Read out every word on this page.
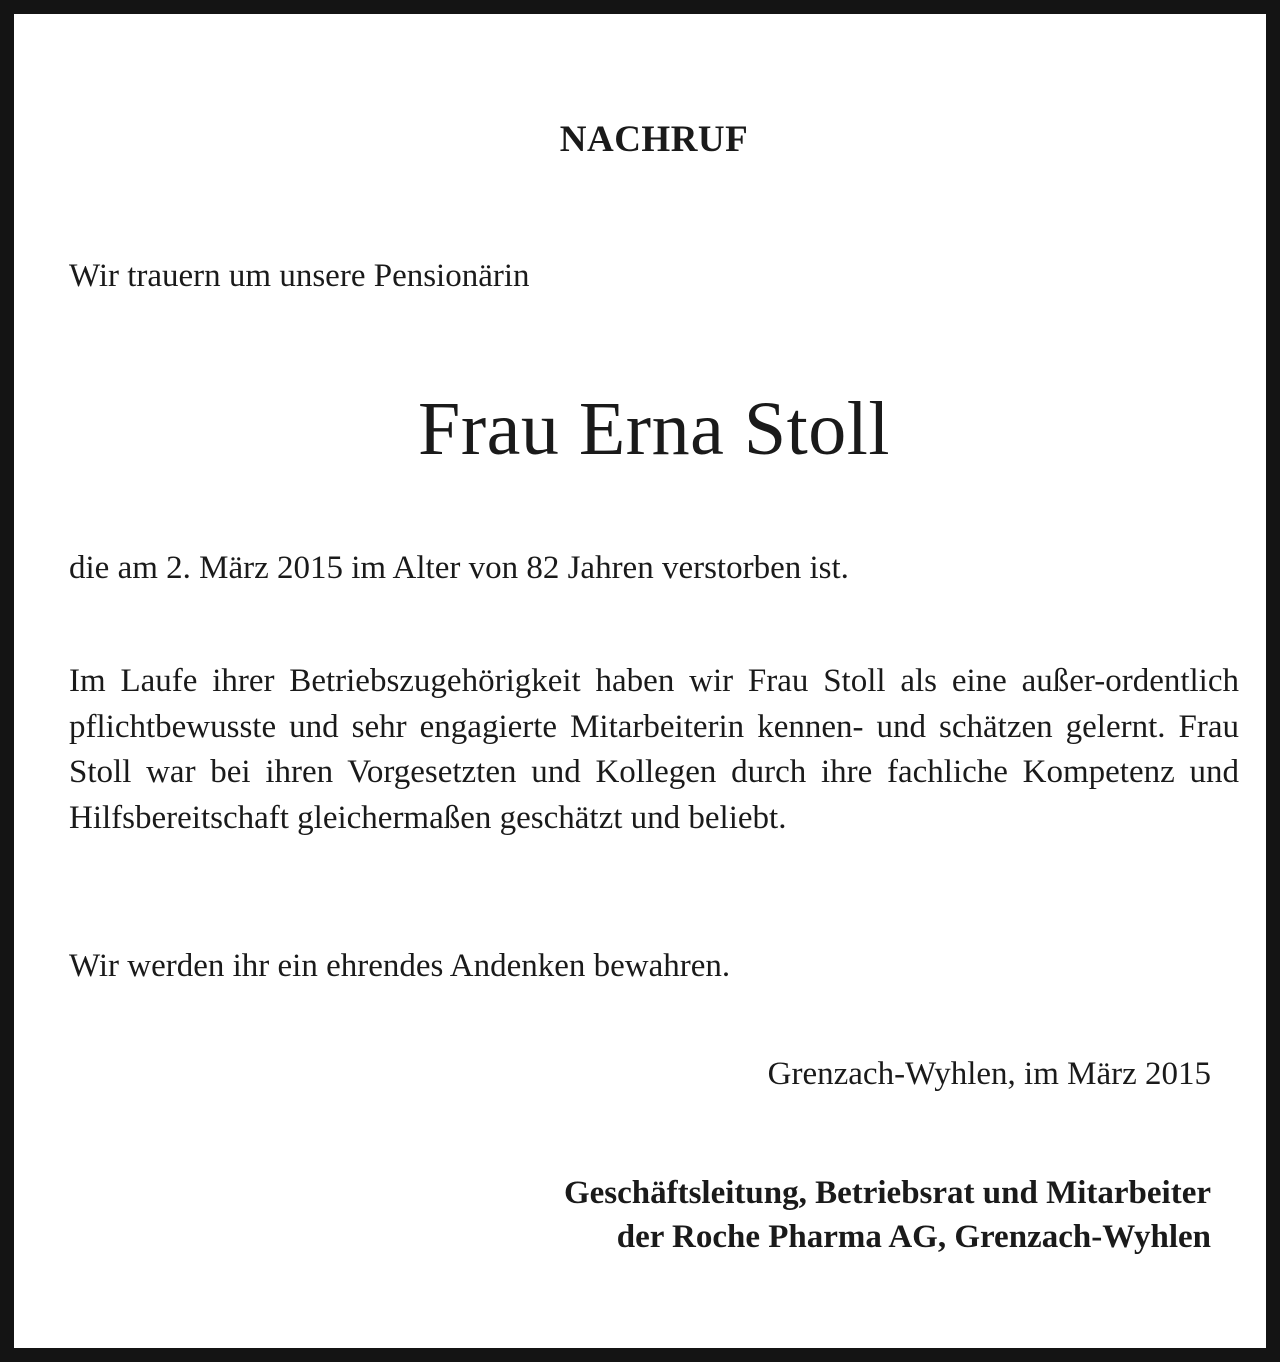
NACHRUF
Wir trauern um unsere Pensionärin
Frau Erna Stoll
die am 2. März 2015 im Alter von 82 Jahren verstorben ist.
Im Laufe ihrer Betriebszugehörigkeit haben wir Frau Stoll als eine außer-ordentlich pflichtbewusste und sehr engagierte Mitarbeiterin kennen- und schätzen gelernt. Frau Stoll war bei ihren Vorgesetzten und Kollegen durch ihre fachliche Kompetenz und Hilfsbereitschaft gleichermaßen geschätzt und beliebt.
Wir werden ihr ein ehrendes Andenken bewahren.
Grenzach-Wyhlen, im März 2015
Geschäftsleitung, Betriebsrat und Mitarbeiter
der Roche Pharma AG, Grenzach-Wyhlen
